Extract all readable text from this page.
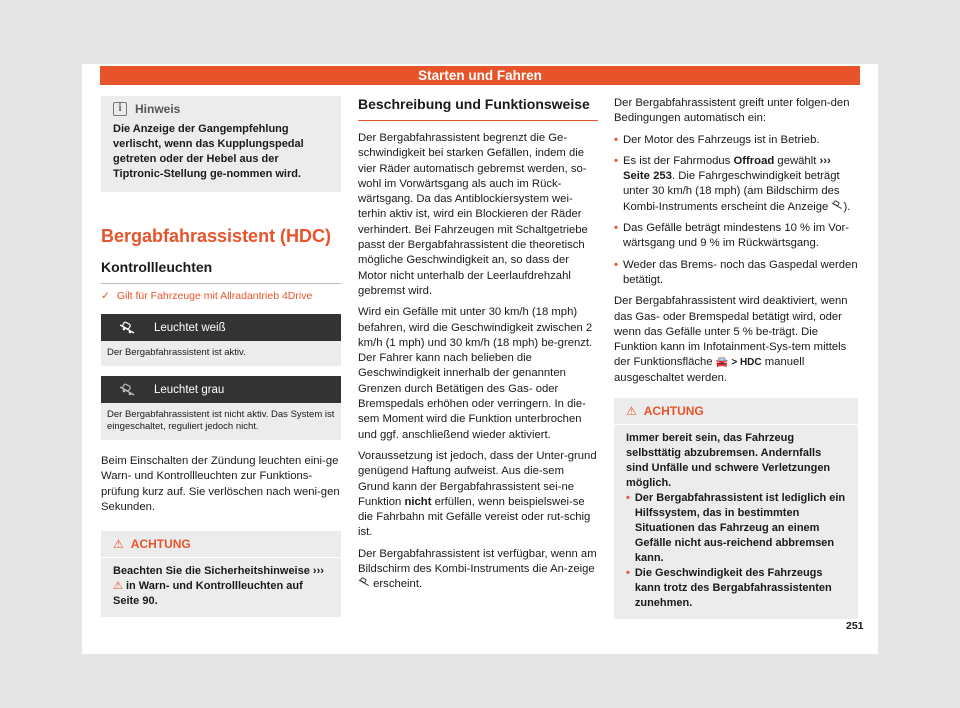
Starten und Fahren
i	Hinweis
Die Anzeige der Gangempfehlung verlischt, wenn das Kupplungspedal getreten oder der Hebel aus der Tiptronic-Stellung ge-nommen wird.
Bergabfahrassistent (HDC)
Kontrollleuchten
✓ Gilt für Fahrzeuge mit Allradantrieb 4Drive
Leuchtet weiß
Der Bergabfahrassistent ist aktiv.
Leuchtet grau
Der Bergabfahrassistent ist nicht aktiv. Das System ist eingeschaltet, reguliert jedoch nicht.

Beim Einschalten der Zündung leuchten eini-ge Warn- und Kontrollleuchten zur Funktions-prüfung kurz auf. Sie verlöschen nach weni-gen Sekunden.

⚠ ACHTUNG
Beachten Sie die Sicherheitshinweise ››› ⚠ in Warn- und Kontrollleuchten auf Seite 90.
Beschreibung und Funktionsweise

Der Bergabfahrassistent begrenzt die Ge-schwindigkeit bei starken Gefällen, indem die vier Räder automatisch gebremst werden, so-wohl im Vorwärtsgang als auch im Rück-wärtsgang. Da das Antiblockiersystem wei-terhin aktiv ist, wird ein Blockieren der Räder verhindert. Bei Fahrzeugen mit Schaltgetriebe passt der Bergabfahrassistent die theoretisch mögliche Geschwindigkeit an, so dass der Motor nicht unterhalb der Leerlaufdrehzahl gebremst wird.

Wird ein Gefälle mit unter 30 km/h (18 mph) befahren, wird die Geschwindigkeit zwischen 2 km/h (1 mph) und 30 km/h (18 mph) be-grenzt. Der Fahrer kann nach belieben die Geschwindigkeit innerhalb der genannten Grenzen durch Betätigen des Gas- oder Bremspedals erhöhen oder verringern. In die-sem Moment wird die Funktion unterbrochen und ggf. anschließend wieder aktiviert.

Voraussetzung ist jedoch, dass der Unter-grund genügend Haftung aufweist. Aus die-sem Grund kann der Bergabfahrassistent sei-ne Funktion nicht erfüllen, wenn beispielswei-se die Fahrbahn mit Gefälle vereist oder rut-schig ist.

Der Bergabfahrassistent ist verfügbar, wenn am Bildschirm des Kombi-Instruments die An-zeige  erscheint.

Der Bergabfahrassistent greift unter folgen-den Bedingungen automatisch ein:

• Der Motor des Fahrzeugs ist in Betrieb.
• Es ist der Fahrmodus Offroad gewählt ››› Seite 253. Die Fahrgeschwindigkeit beträgt unter 30 km/h (18 mph) (am Bildschirm des Kombi-Instruments erscheint die Anzeige ).
• Das Gefälle beträgt mindestens 10 % im Vor-wärtsgang und 9 % im Rückwärtsgang.
• Weder das Brems- noch das Gaspedal werden betätigt.

Der Bergabfahrassistent wird deaktiviert, wenn das Gas- oder Bremspedal betätigt wird, oder wenn das Gefälle unter 5 % be-trägt. Die Funktion kann im Infotainment-Sys-tem mittels der Funktionsfläche 🚘 > HDC manuell ausgeschaltet werden.

⚠ ACHTUNG
Immer bereit sein, das Fahrzeug selbsttätig abzubremsen. Andernfalls sind Unfälle und schwere Verletzungen möglich.
• Der Bergabfahrassistent ist lediglich ein Hilfssystem, das in bestimmten Situationen das Fahrzeug an einem Gefälle nicht aus-reichend abbremsen kann.
• Die Geschwindigkeit des Fahrzeugs kann trotz des Bergabfahrassistenten zunehmen.
251
